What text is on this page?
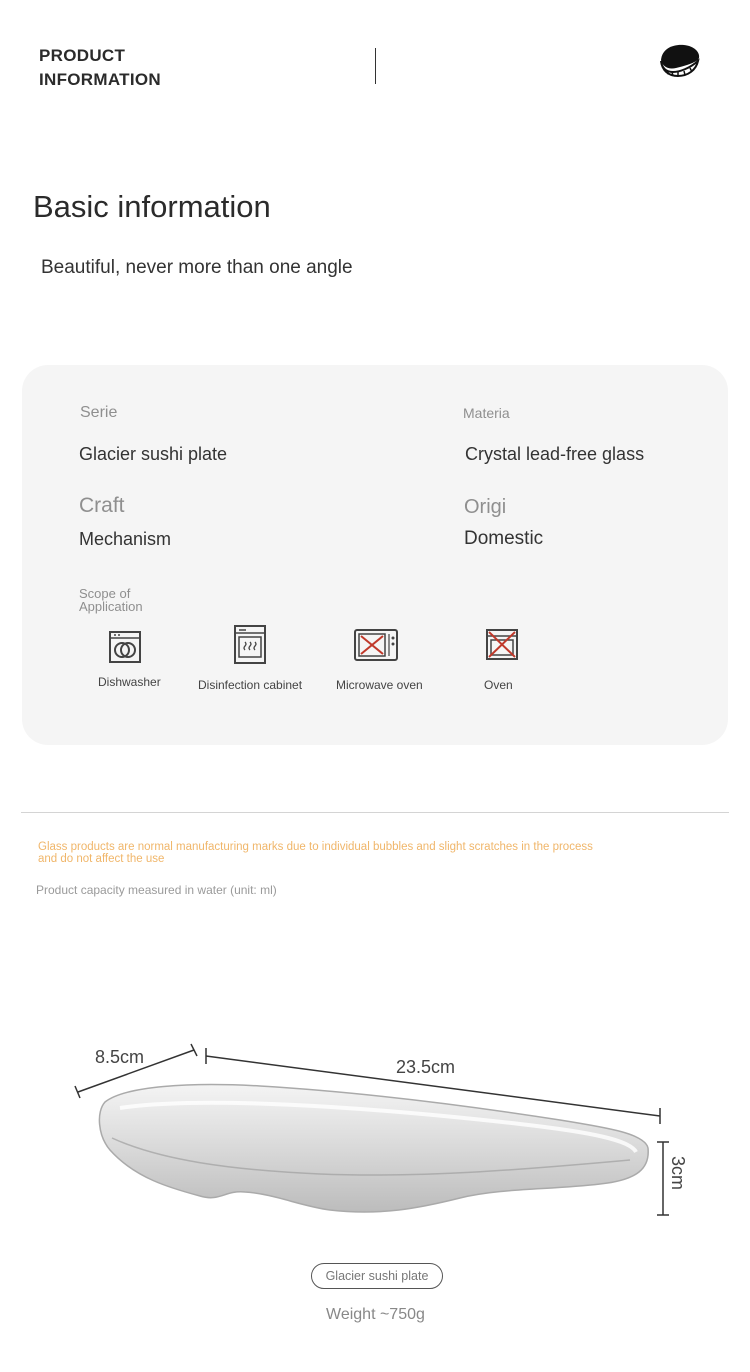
PRODUCT
INFORMATION
Basic information
Beautiful, never more than one angle
Serie
Glacier sushi plate
Materia
Crystal lead-free glass
Craft
Mechanism
Origi
Domestic
Scope of
Application
Dishwasher	Disinfection cabinet	Microwave oven	Oven
Glass products are normal manufacturing marks due to individual bubbles and slight scratches in the process
and do not affect the use
Product capacity measured in water (unit: ml)
8.5cm	23.5cm
3cm
Glacier sushi plate
Weight ~750g
